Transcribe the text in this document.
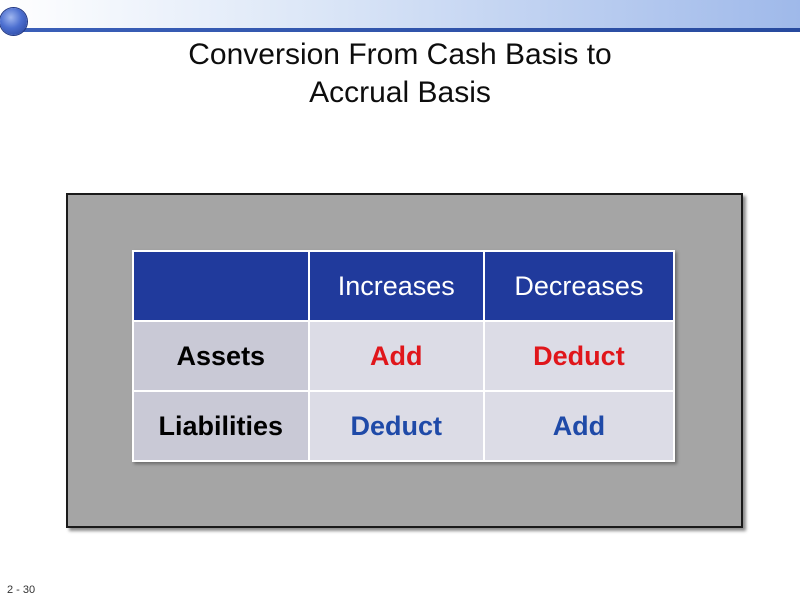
Conversion From Cash Basis to
Accrual Basis
	Increases	Decreases
Assets	Add	Deduct
Liabilities	Deduct	Add
2 - 30
